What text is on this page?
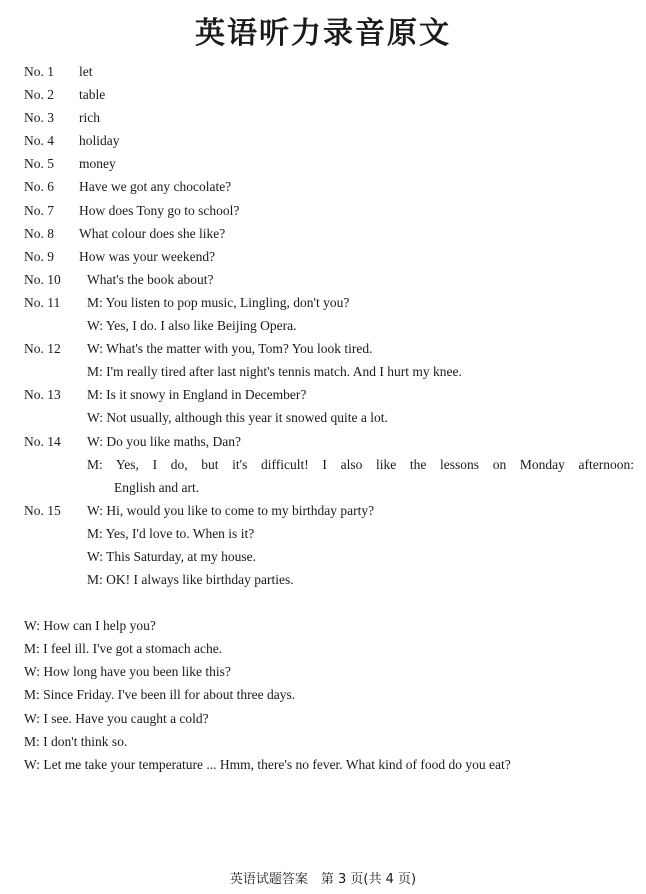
英语听力录音原文
No. 1	let
No. 2	table
No. 3	rich
No. 4	holiday
No. 5	money
No. 6	Have we got any chocolate?
No. 7	How does Tony go to school?
No. 8	What colour does she like?
No. 9	How was your weekend?
No. 10	What's the book about?
No. 11	M: You listen to pop music, Lingling, don't you?
W: Yes, I do. I also like Beijing Opera.
No. 12	W: What's the matter with you, Tom? You look tired.
M: I'm really tired after last night's tennis match. And I hurt my knee.
No. 13	M: Is it snowy in England in December?
W: Not usually, although this year it snowed quite a lot.
No. 14	W: Do you like maths, Dan?
M: Yes, I do, but it's difficult! I also like the lessons on Monday afternoon:
English and art.
No. 15	W: Hi, would you like to come to my birthday party?
M: Yes, I'd love to. When is it?
W: This Saturday, at my house.
M: OK! I always like birthday parties.
W: How can I help you?
M: I feel ill. I've got a stomach ache.
W: How long have you been like this?
M: Since Friday. I've been ill for about three days.
W: I see. Have you caught a cold?
M: I don't think so.
W: Let me take your temperature ... Hmm, there's no fever. What kind of food do you eat?
英语试题答案　第 3 页(共 4 页)
